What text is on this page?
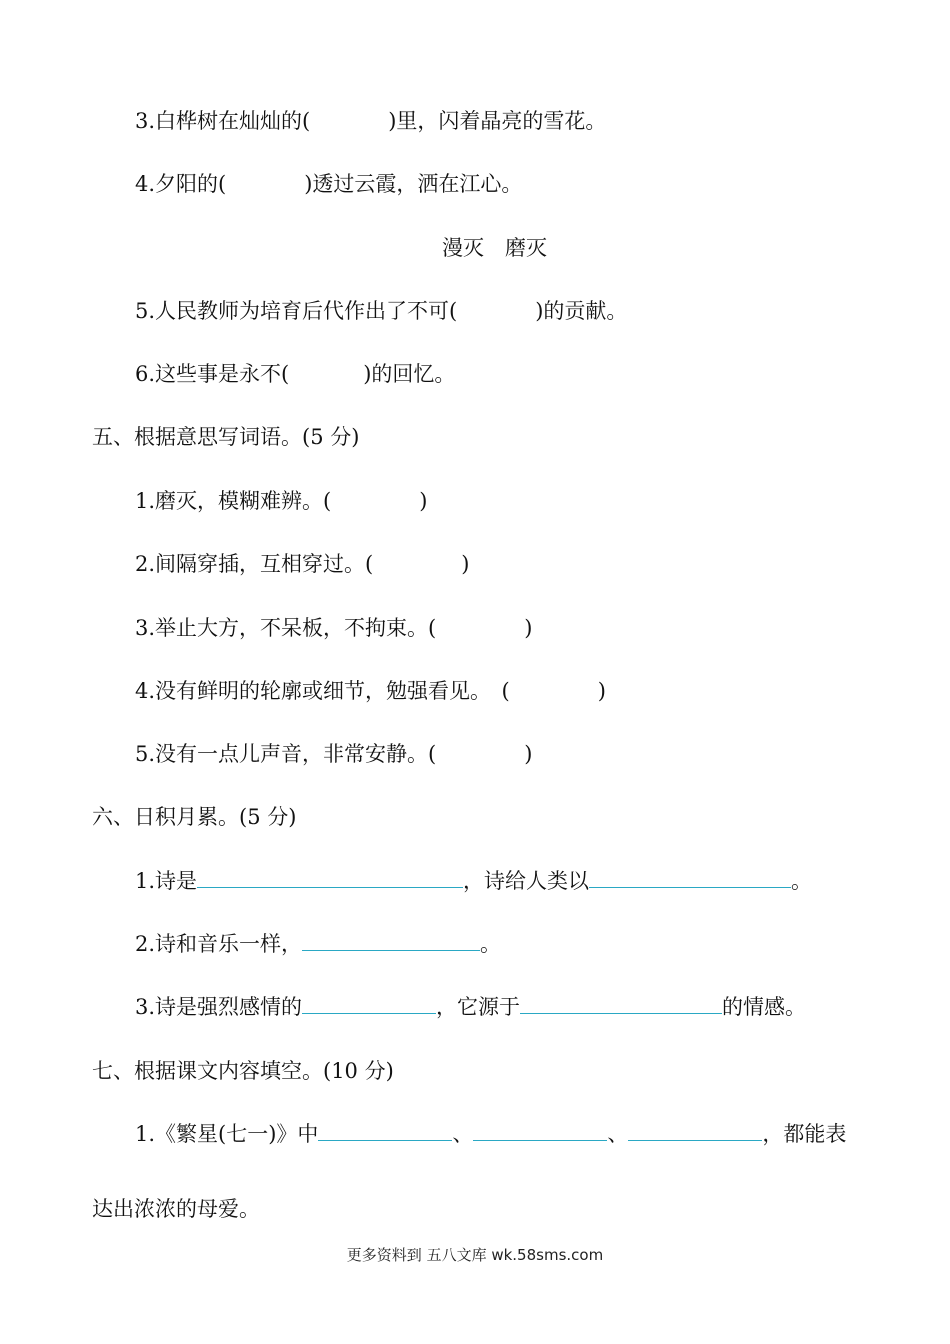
3.白桦树在灿灿的(	)里，闪着晶亮的雪花。
4.夕阳的(	)透过云霞，洒在江心。
漫灭　磨灭
5.人民教师为培育后代作出了不可(	)的贡献。
6.这些事是永不(	)的回忆。
五、根据意思写词语。(5 分)
1.磨灭，模糊难辨。(	)
2.间隔穿插，互相穿过。(	)
3.举止大方，不呆板，不拘束。(	)
4.没有鲜明的轮廓或细节，勉强看见。　(	)
5.没有一点儿声音，非常安静。(	)
六、日积月累。(5 分)
1.诗是	，诗给人类以	。
2.诗和音乐一样，	。
3.诗是强烈感情的	，它源于	的情感。
七、根据课文内容填空。(10 分)
1.《繁星(七一)》中	、	、	，都能表
达出浓浓的母爱。
更多资料到 五八文库 wk.58sms.com
